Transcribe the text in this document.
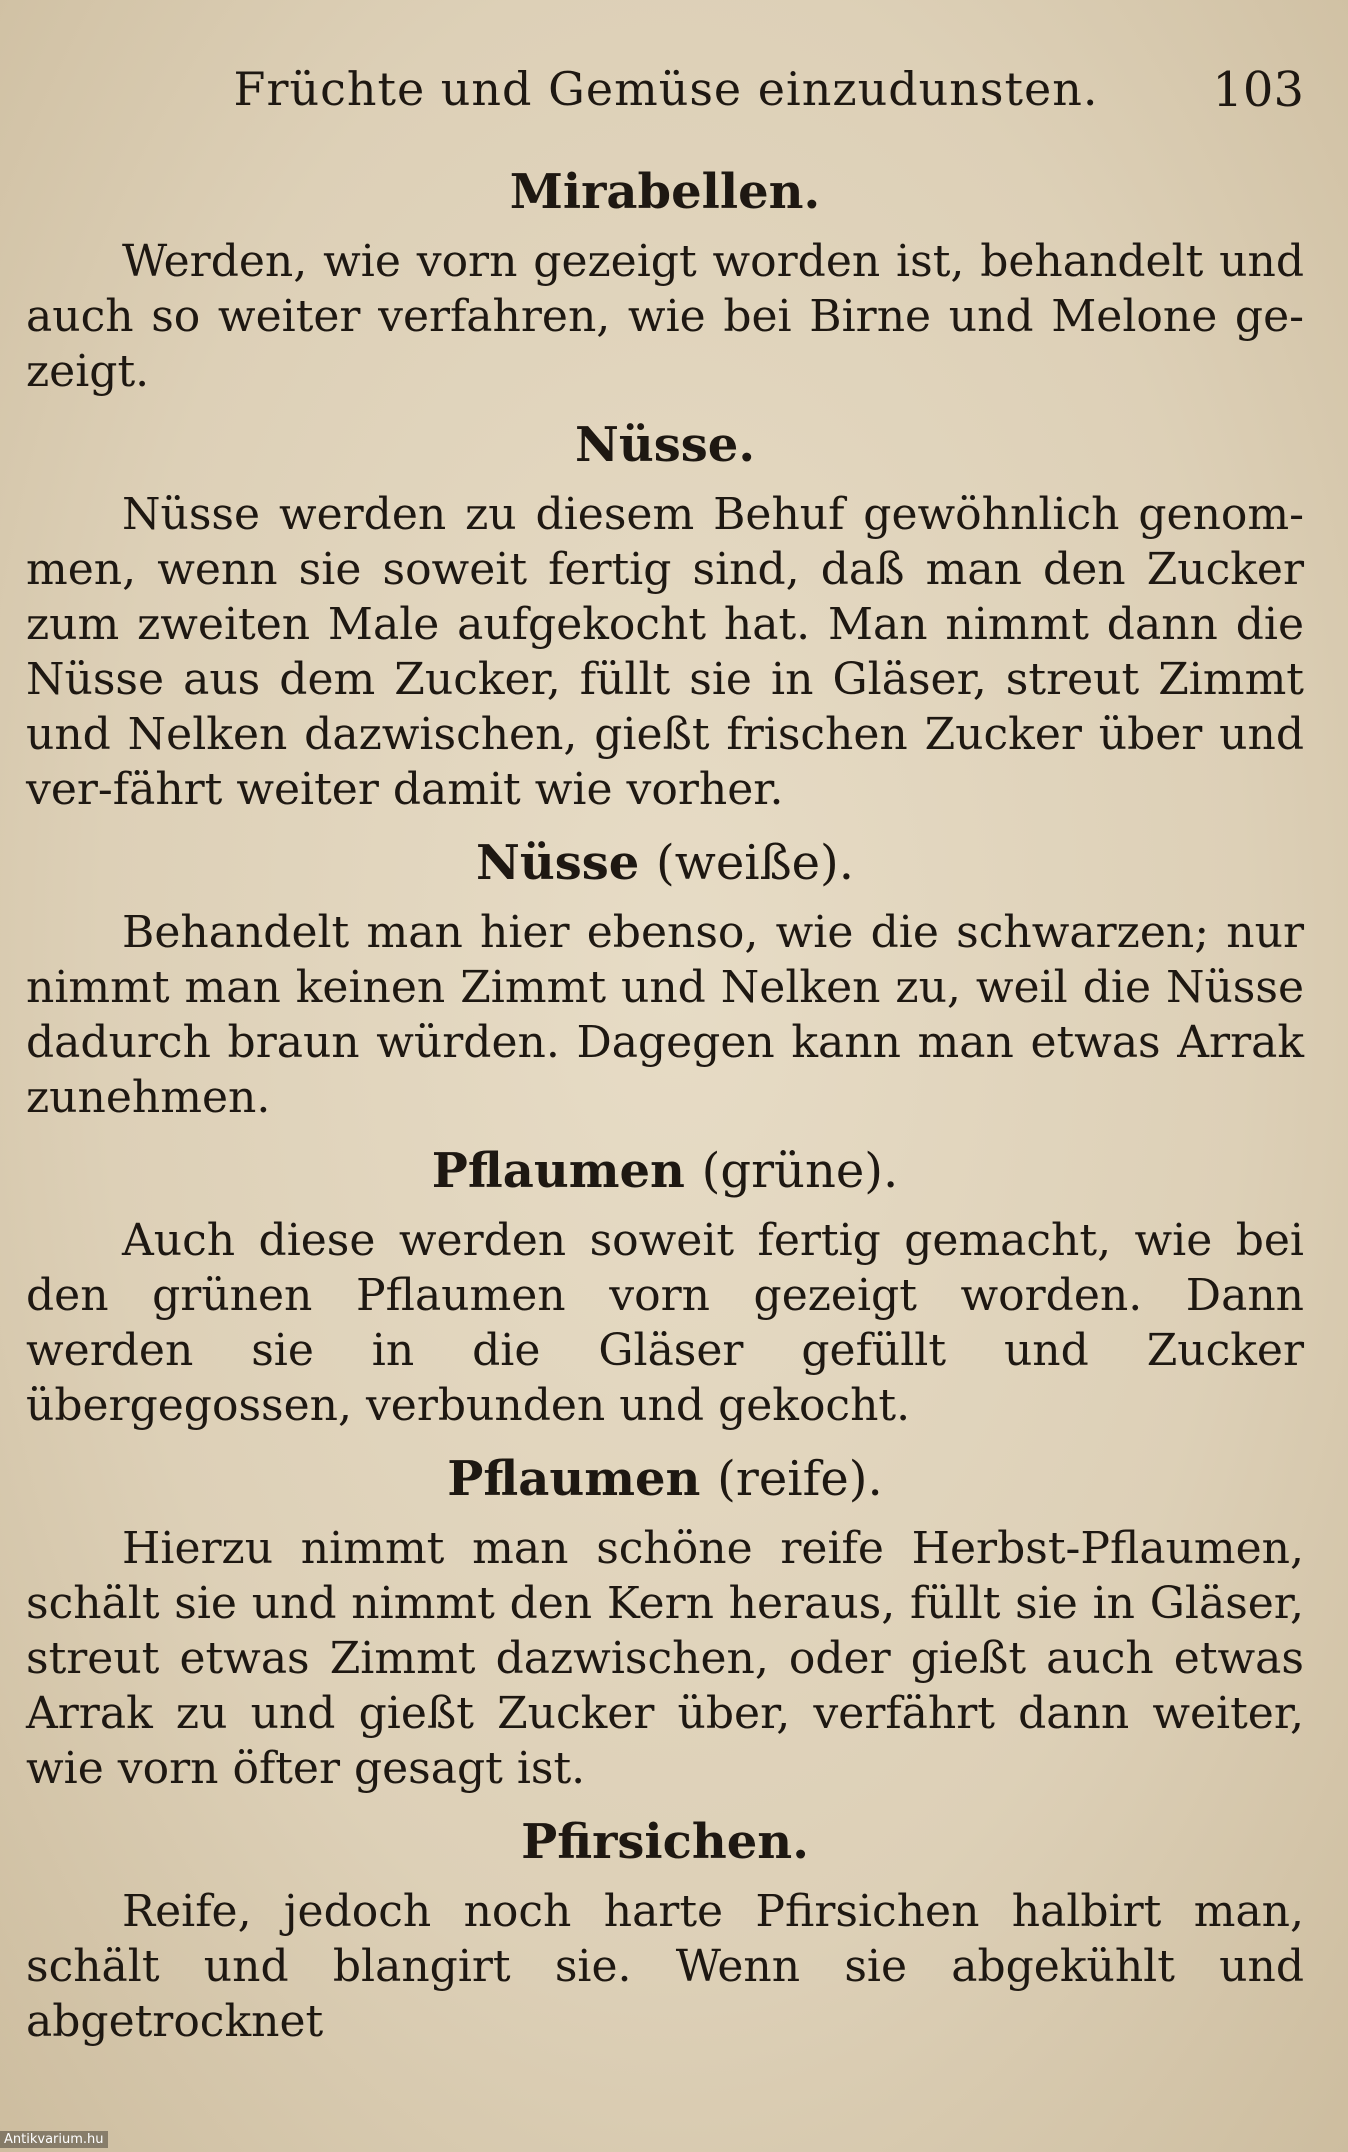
Früchte und Gemüse einzudunsten.	103
Mirabellen.

Werden, wie vorn gezeigt worden ist, behandelt und auch so weiter verfahren, wie bei Birne und Melone ge-zeigt.

Nüsse.

Nüsse werden zu diesem Behuf gewöhnlich genom-men, wenn sie soweit fertig sind, daß man den Zucker zum zweiten Male aufgekocht hat. Man nimmt dann die Nüsse aus dem Zucker, füllt sie in Gläser, streut Zimmt und Nelken dazwischen, gießt frischen Zucker über und ver-fährt weiter damit wie vorher.

Nüsse (weiße).

Behandelt man hier ebenso, wie die schwarzen; nur nimmt man keinen Zimmt und Nelken zu, weil die Nüsse dadurch braun würden. Dagegen kann man etwas Arrak zunehmen.

Pflaumen (grüne).

Auch diese werden soweit fertig gemacht, wie bei den grünen Pflaumen vorn gezeigt worden. Dann werden sie in die Gläser gefüllt und Zucker übergegossen, verbunden und gekocht.

Pflaumen (reife).

Hierzu nimmt man schöne reife Herbst-Pflaumen, schält sie und nimmt den Kern heraus, füllt sie in Gläser, streut etwas Zimmt dazwischen, oder gießt auch etwas Arrak zu und gießt Zucker über, verfährt dann weiter, wie vorn öfter gesagt ist.

Pfirsichen.

Reife, jedoch noch harte Pfirsichen halbirt man, schält und blangirt sie. Wenn sie abgekühlt und abgetrocknet

Antikvarium.hu
